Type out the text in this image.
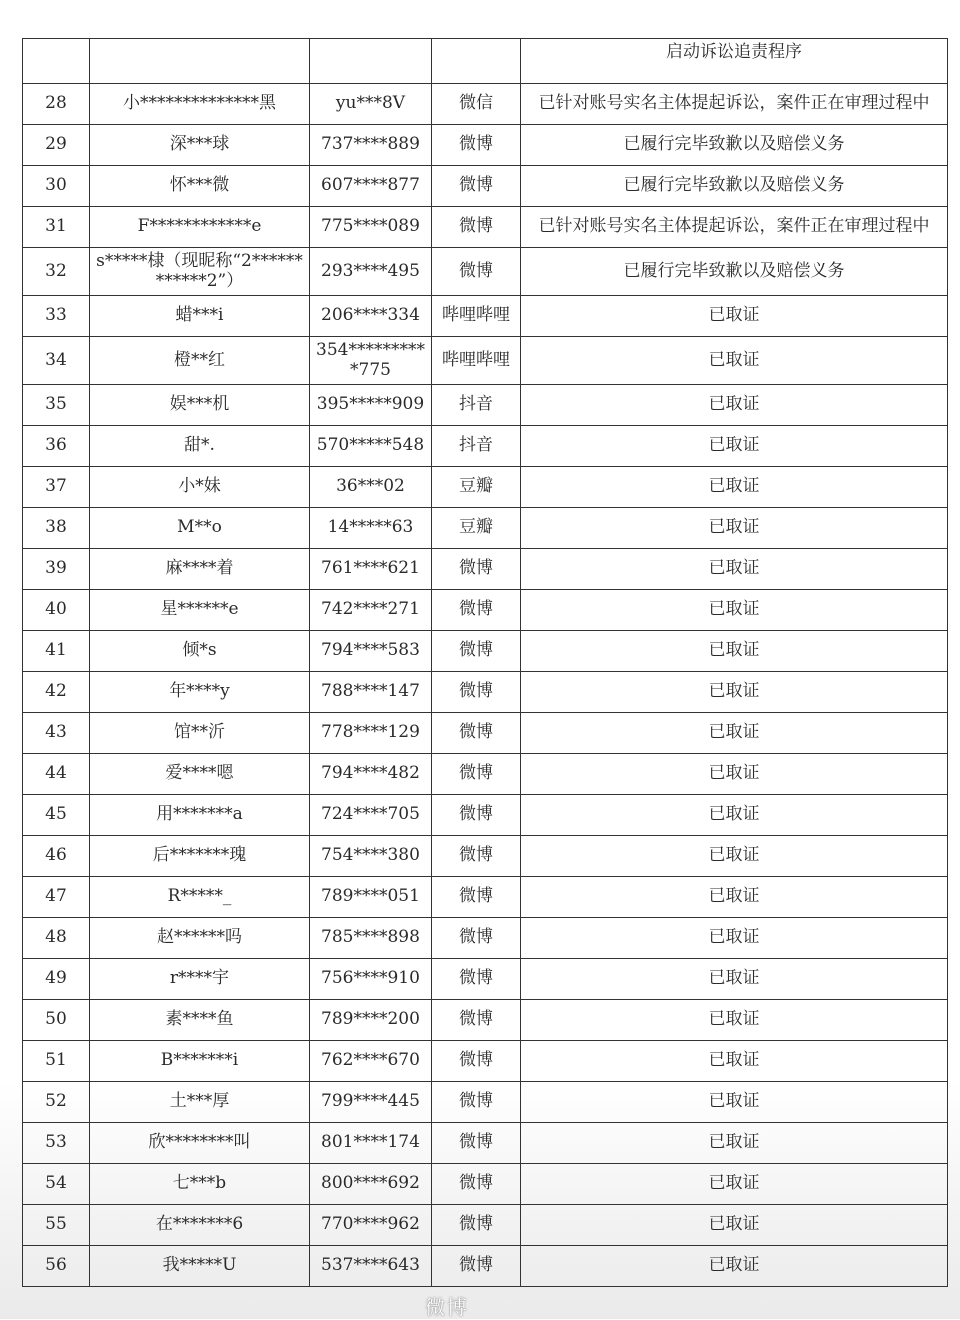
				启动诉讼追责程序
28	小**************黑	yu***8V	微信	已针对账号实名主体提起诉讼，案件正在审理过程中
29	深***球	737****889	微博	已履行完毕致歉以及赔偿义务
30	怀***微	607****877	微博	已履行完毕致歉以及赔偿义务
31	F************e	775****089	微博	已针对账号实名主体提起诉讼，案件正在审理过程中
32	s*****棣（现昵称“2************2”）	293****495	微博	已履行完毕致歉以及赔偿义务
33	蜡***i	206****334	哔哩哔哩	已取证
34	橙**红	354**********775	哔哩哔哩	已取证
35	娱***机	395*****909	抖音	已取证
36	甜*.	570*****548	抖音	已取证
37	小*妹	36***02	豆瓣	已取证
38	M**o	14*****63	豆瓣	已取证
39	麻****着	761****621	微博	已取证
40	星******e	742****271	微博	已取证
41	倾*s	794****583	微博	已取证
42	年****y	788****147	微博	已取证
43	馆**沂	778****129	微博	已取证
44	爱****嗯	794****482	微博	已取证
45	用*******a	724****705	微博	已取证
46	后*******瑰	754****380	微博	已取证
47	R*****_	789****051	微博	已取证
48	赵******吗	785****898	微博	已取证
49	r****宇	756****910	微博	已取证
50	素****鱼	789****200	微博	已取证
51	B*******i	762****670	微博	已取证
52	土***厚	799****445	微博	已取证
53	欣********叫	801****174	微博	已取证
54	七***b	800****692	微博	已取证
55	在*******6	770****962	微博	已取证
56	我*****U	537****643	微博	已取证
微博
